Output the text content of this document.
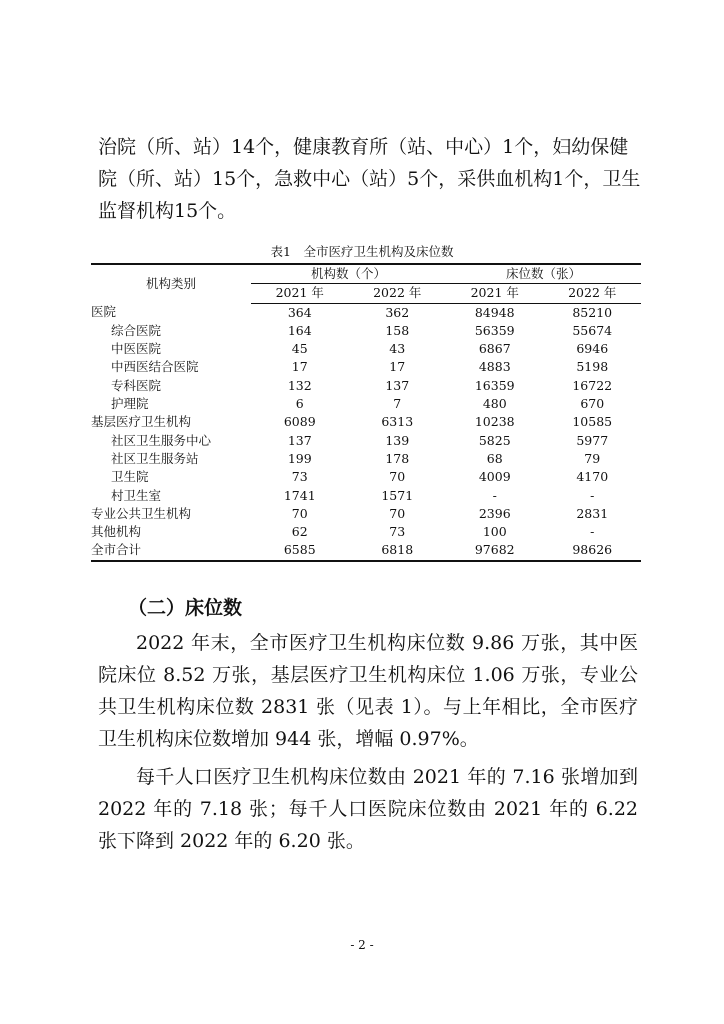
治院（所、站）14个，健康教育所（站、中心）1个，妇幼保健
院（所、站）15个，急救中心（站）5个，采供血机构1个，卫生
监督机构15个。
表1　全市医疗卫生机构及床位数
机构类别	机构数（个）		床位数（张）	
	2021 年	2022 年	2021 年	2022 年
医院	364	362	84948	85210
综合医院	164	158	56359	55674
中医医院	45	43	6867	6946
中西医结合医院	17	17	4883	5198
专科医院	132	137	16359	16722
护理院	6	7	480	670
基层医疗卫生机构	6089	6313	10238	10585
社区卫生服务中心	137	139	5825	5977
社区卫生服务站	199	178	68	79
卫生院	73	70	4009	4170
村卫生室	1741	1571	-	-
专业公共卫生机构	70	70	2396	2831
其他机构	62	73	100	-
全市合计	6585	6818	97682	98626
（二）床位数

2022 年末，全市医疗卫生机构床位数 9.86 万张，其中医院床位 8.52 万张，基层医疗卫生机构床位 1.06 万张，专业公共卫生机构床位数 2831 张（见表 1）。与上年相比，全市医疗卫生机构床位数增加 944 张，增幅 0.97%。

每千人口医疗卫生机构床位数由 2021 年的 7.16 张增加到 2022 年的 7.18 张；每千人口医院床位数由 2021 年的 6.22 张下降到 2022 年的 6.20 张。

- 2 -
